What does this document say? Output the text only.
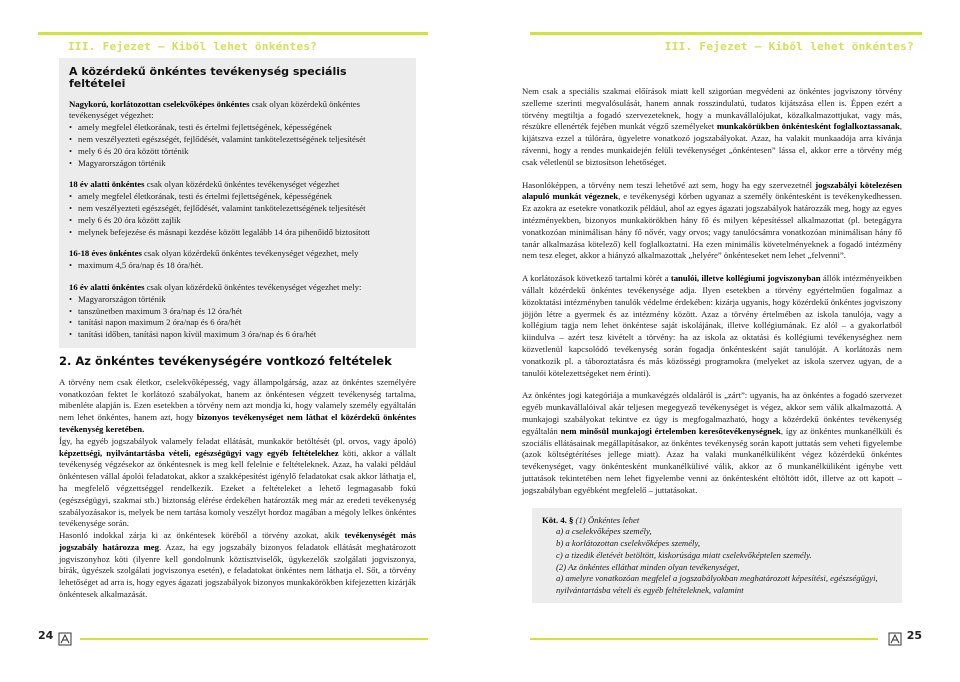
III. Fejezet – Kiből lehet önkéntes?	III. Fejezet – Kiből lehet önkéntes?
A közérdekű önkéntes tevékenység speciális feltételei
Nagykorú, korlátozottan cselekvőképes önkéntes csak olyan közérdekű önkéntes tevékenységet végezhet:
• amely megfelel életkorának, testi és értelmi fejlettségének, képességének
• nem veszélyezteti egészségét, fejlődését, valamint tankötelezettségének teljesítését
• mely 6 és 20 óra között történik
• Magyarországon történik
18 év alatti önkéntes csak olyan közérdekű önkéntes tevékenységet végezhet
• amely megfelel életkorának, testi és értelmi fejlettségének, képességének
• nem veszélyezteti egészségét, fejlődését, valamint tankötelezettségének teljesítését
• mely 6 és 20 óra között zajlik
• melynek befejezése és másnapi kezdése között legalább 14 óra pihenőidő biztosított
16-18 éves önkéntes csak olyan közérdekű önkéntes tevékenységet végezhet, mely
• maximum 4,5 óra/nap és 18 óra/hét.
16 év alatti önkéntes csak olyan közérdekű önkéntes tevékenységet végezhet mely:
• Magyarországon történik
• tanszünetben maximum 3 óra/nap és 12 óra/hét
• tanítási napon maximum 2 óra/nap és 6 óra/hét
• tanítási időben, tanítási napon kívül maximum 3 óra/nap és 6 óra/hét
2. Az önkéntes tevékenységére vontkozó feltételek

A törvény nem csak életkor, cselekvőképesség, vagy állampolgárság, azaz az önkéntes személyére vonatkozóan fektet le korlátozó szabályokat, hanem az önkéntesen végzett tevékenység tartalma, mibenléte alapján is. Ezen esetekben a törvény nem azt mondja ki, hogy valamely személy egyáltalán nem lehet önkéntes, hanem azt, hogy bizonyos tevékenységet nem láthat el közérdekű önkéntes tevékenység keretében.

Így, ha egyéb jogszabályok valamely feladat ellátását, munkakör betöltését (pl. orvos, vagy ápoló) képzettségi, nyilvántartásba vételi, egészségügyi vagy egyéb feltételekhez köti, akkor a vállalt tevékenység végzésekor az önkéntesnek is meg kell felelnie e feltételeknek. Azaz, ha valaki például önkéntesen vállal ápolói feladatokat, akkor a szakképesítést igénylő feladatokat csak akkor láthatja el, ha megfelelő végzettséggel rendelkezik. Ezeket a feltételeket a lehető legmagasabb fokú (egészségügyi, szakmai stb.) biztonság elérése érdekében határozták meg már az eredeti tevékenység szabályozásakor is, melyek be nem tartása komoly veszélyt hordoz magában a mégoly lelkes önkéntes tevékenysége során.

Hasonló indokkal zárja ki az önkéntesek köréből a törvény azokat, akik tevékenységét más jogszabály határozza meg. Azaz, ha egy jogszabály bizonyos feladatok ellátását meghatározott jogviszonyhoz köti (ilyenre kell gondolnunk köztisztviselők, ügykezelők szolgálati jogviszonya, bírák, ügyészek szolgálati jogviszonya esetén), e feladatokat önkéntes nem láthatja el. Sőt, a törvény lehetőséget ad arra is, hogy egyes ágazati jogszabályok bizonyos munkakörökben kifejezetten kizárják önkéntesek alkalmazását.

Nem csak a speciális szakmai előírások miatt kell szigorúan megvédeni az önkéntes jogviszony törvény szelleme szerinti megvalósulását, hanem annak rosszindulatú, tudatos kijátszása ellen is. Éppen ezért a törvény megtiltja a fogadó szervezeteknek, hogy a munkavállalójukat, közalkalmazottjukat, vagy más, részükre ellenérték fejében munkát végző személyeket munkakörükben önkéntesként foglalkoztassanak, kijátszva ezzel a túlórára, ügyeletre vonatkozó jogszabályokat. Azaz, ha valakit munkaadója arra kívánja rávenni, hogy a rendes munkaidején felüli tevékenységet „önkéntesen” lássa el, akkor erre a törvény még csak véletlenül se biztosítson lehetőséget.

Hasonlóképpen, a törvény nem teszi lehetővé azt sem, hogy ha egy szervezetnél jogszabályi kötelezésen alapuló munkát végeznek, e tevékenységi körben ugyanaz a személy önkéntesként is tevékenykedhessen. Ez azokra az esetekre vonatkozik például, ahol az egyes ágazati jogszabályok határozzák meg, hogy az egyes intézményekben, bizonyos munkakörökben hány fő és milyen képesítéssel alkalmazottat (pl. betegágyra vonatkozóan minimálisan hány fő nővér, vagy orvos; vagy tanulócsámra vonatkozóan minimálisan hány fő tanár alkalmazása kötelező) kell foglalkoztatni. Ha ezen minimális követelményeknek a fogadó intézmény nem tesz eleget, akkor a hiányzó alkalmazottak „helyére” önkénteseket nem lehet „felvenni”.

A korlátozások következő tartalmi körét a tanulói, illetve kollégiumi jogviszonyban állók intézményeikben vállalt közérdekű önkéntes tevékenysége adja. Ilyen esetekben a törvény egyértelműen fogalmaz a közoktatási intézményben tanulók védelme érdekében: kizárja ugyanis, hogy közérdekű önkéntes jogviszony jöjjön létre a gyermek és az intézmény között. Azaz a törvény értelmében az iskola tanulója, vagy a kollégium tagja nem lehet önkéntese saját iskolájának, illetve kollégiumának. Ez alól – a gyakorlatból kiindulva – azért tesz kivételt a törvény: ha az iskola az oktatási és kollégiumi tevékenységhez nem közvetlenül kapcsolódó tevékenység során fogadja önkéntesként saját tanulóját. A korlátozás nem vonatkozik pl. a táboroztatásra és más közösségi programokra (melyeket az iskola szervez ugyan, de a tanulói kötelezettségeket nem érinti).

Az önkéntes jogi kategóriája a munkavégzés oldaláról is „zárt”: ugyanis, ha az önkéntes a fogadó szervezet egyéb munkavállalóival akár teljesen megegyező tevékenységet is végez, akkor sem válik alkalmazottá. A munkajogi szabályokat tekintve ez úgy is megfogalmazható, hogy a közérdekű önkéntes tevékenység egyáltalán nem minősül munkajogi értelemben keresőtevékenységnek, így az önkéntes munkanélküli és szociális ellátásainak megállapításakor, az önkéntes tevékenység során kapott juttatás sem veheti figyelembe (azok költségtérítéses jellege miatt). Azaz ha valaki munkanélküliként végez közérdekű önkéntes tevékenységet, vagy önkéntesként munkanélkülivé válik, akkor az ő munkanélküliként igénybe vett juttatások tekintetében nem lehet figyelembe venni az önkéntesként eltöltött időt, illetve az ott kapott – jogszabályban egyébként megfelelő – juttatásokat.

Köt. 4. § (1) Önkéntes lehet
a) a cselekvőképes személy,
b) a korlátozottan cselekvőképes személy,
c) a tizedik életévét betöltött, kiskorúsága miatt cselekvőképtelen személy.
(2) Az önkéntes elláthat minden olyan tevékenységet,
a) amelyre vonatkozóan megfelel a jogszabályokban meghatározott képesítési, egészségügyi, nyilvántartásba vételi és egyéb feltételeknek, valamint
24	25
